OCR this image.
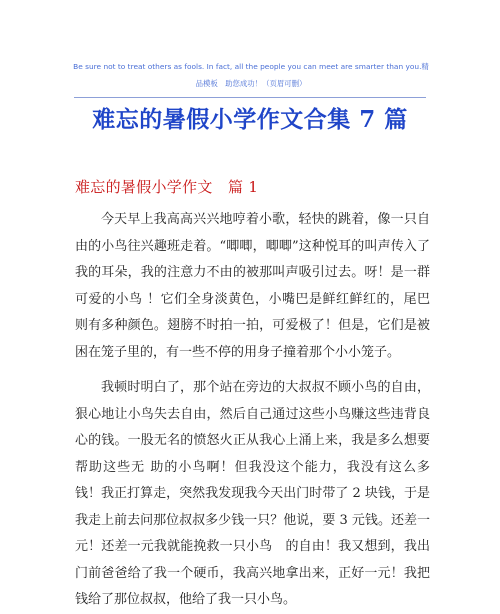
Be sure not to treat others as fools. In fact, all the people you can meet are smarter than you.精品模板　助您成功！（页眉可删）
难忘的暑假小学作文合集 7 篇
难忘的暑假小学作文　篇 1

今天早上我高高兴兴地哼着小歌，轻快的跳着，像一只自由的小鸟往兴趣班走着。“唧唧，唧唧”这种悦耳的叫声传入了我的耳朵，我的注意力不由的被那叫声吸引过去。呀！是一群可爱的小鸟 ！它们全身淡黄色，小嘴巴是鲜红鲜红的，尾巴则有多种颜色。翅膀不时拍一拍，可爱极了！但是，它们是被困在笼子里的，有一些不停的用身子撞着那个小小笼子。

我顿时明白了，那个站在旁边的大叔叔不顾小鸟的自由，狠心地让小鸟失去自由，然后自己通过这些小鸟赚这些违背良心的钱。一股无名的愤怒火正从我心上涌上来，我是多么想要帮助这些无 助的小鸟啊！但我没这个能力，我没有这么多钱！我正打算走，突然我发现我今天出门时带了 2 块钱，于是我走上前去问那位叔叔多少钱一只？他说，要 3 元钱。还差一元！还差一元我就能挽救一只小鸟　的自由！我又想到，我出门前爸爸给了我一个硬币，我高兴地拿出来，正好一元！我把钱给了那位叔叔，他给了我一只小鸟。
